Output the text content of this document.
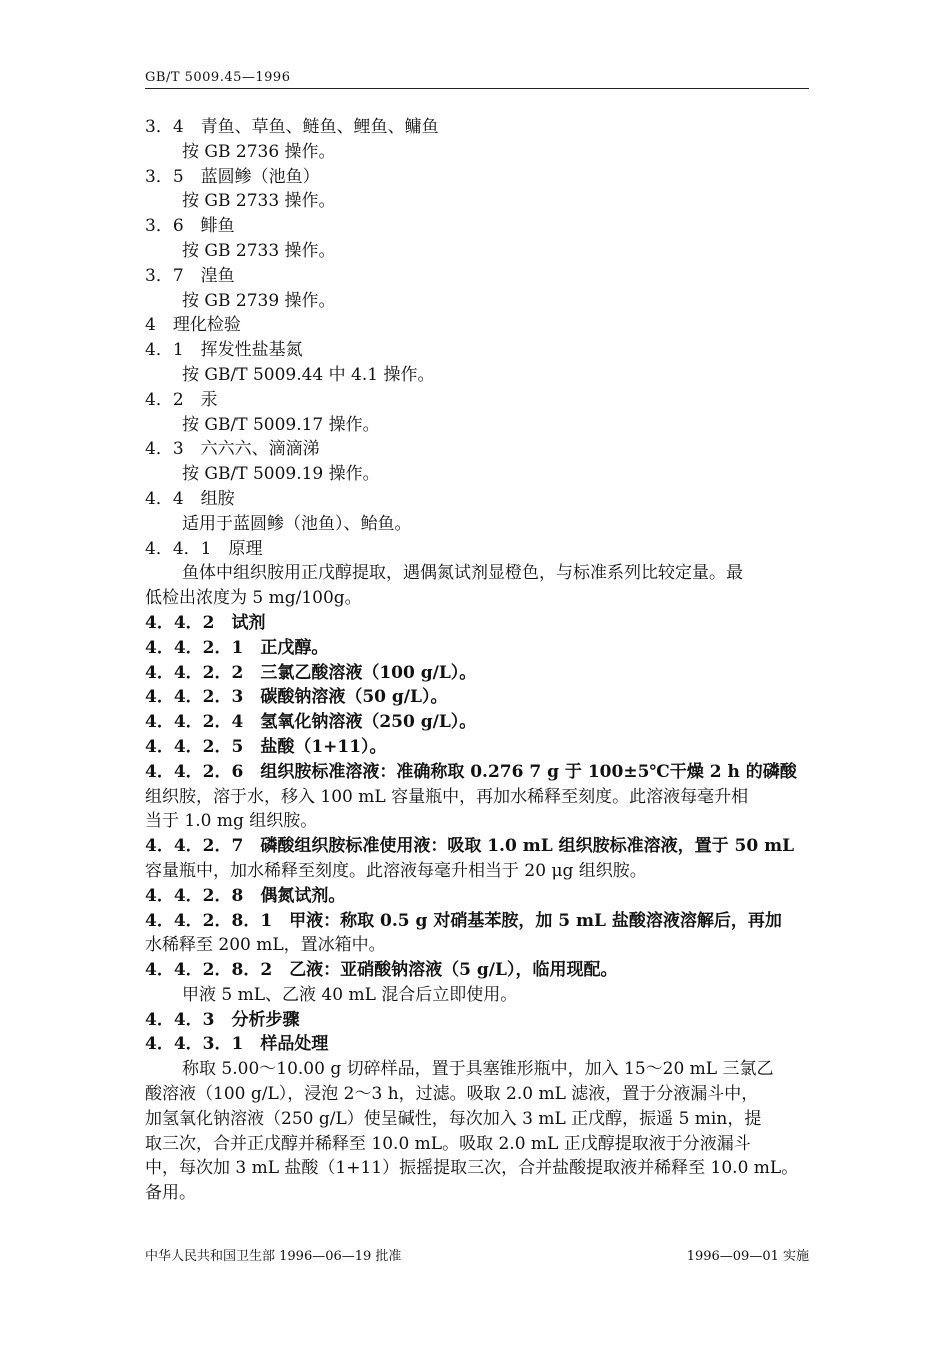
GB/T 5009.45—1996
3．4　青鱼、草鱼、鲢鱼、鲤鱼、鳙鱼
按 GB 2736 操作。
3．5　蓝圆鲹（池鱼）
按 GB 2733 操作。
3．6　鲱鱼
按 GB 2733 操作。
3．7　湟鱼
按 GB 2739 操作。
4　理化检验
4．1　挥发性盐基氮
按 GB/T 5009.44 中 4.1 操作。
4．2　汞
按 GB/T 5009.17 操作。
4．3　六六六、滴滴涕
按 GB/T 5009.19 操作。
4．4　组胺
适用于蓝圆鲹（池鱼）、鲐鱼。
4．4．1　原理
鱼体中组织胺用正戊醇提取，遇偶氮试剂显橙色，与标准系列比较定量。最
低检出浓度为 5 mg/100g。
4．4．2　试剂
4．4．2．1　正戊醇。
4．4．2．2　三氯乙酸溶液（100 g/L）。
4．4．2．3　碳酸钠溶液（50 g/L）。
4．4．2．4　氢氧化钠溶液（250 g/L）。
4．4．2．5　盐酸（1+11）。
4．4．2．6　组织胺标准溶液：准确称取 0.276 7 g 于 100±5℃干燥 2 h 的磷酸
组织胺，溶于水，移入 100 mL 容量瓶中，再加水稀释至刻度。此溶液每毫升相
当于 1.0 mg 组织胺。
4．4．2．7　磷酸组织胺标准使用液：吸取 1.0 mL 组织胺标准溶液，置于 50 mL
容量瓶中，加水稀释至刻度。此溶液每毫升相当于 20 μg 组织胺。
4．4．2．8　偶氮试剂。
4．4．2．8．1　甲液：称取 0.5 g 对硝基苯胺，加 5 mL 盐酸溶液溶解后，再加
水稀释至 200 mL，置冰箱中。
4．4．2．8．2　乙液：亚硝酸钠溶液（5 g/L），临用现配。
甲液 5 mL、乙液 40 mL 混合后立即使用。
4．4．3　分析步骤
4．4．3．1　样品处理
称取 5.00～10.00 g 切碎样品，置于具塞锥形瓶中，加入 15～20 mL 三氯乙
酸溶液（100 g/L），浸泡 2～3 h，过滤。吸取 2.0 mL 滤液，置于分液漏斗中，
加氢氧化钠溶液（250 g/L）使呈碱性，每次加入 3 mL 正戊醇，振遥 5 min，提
取三次，合并正戊醇并稀释至 10.0 mL。吸取 2.0 mL 正戊醇提取液于分液漏斗
中，每次加 3 mL 盐酸（1+11）振摇提取三次，合并盐酸提取液并稀释至 10.0 mL。
备用。
中华人民共和国卫生部 1996—06—19 批准	1996—09—01 实施
